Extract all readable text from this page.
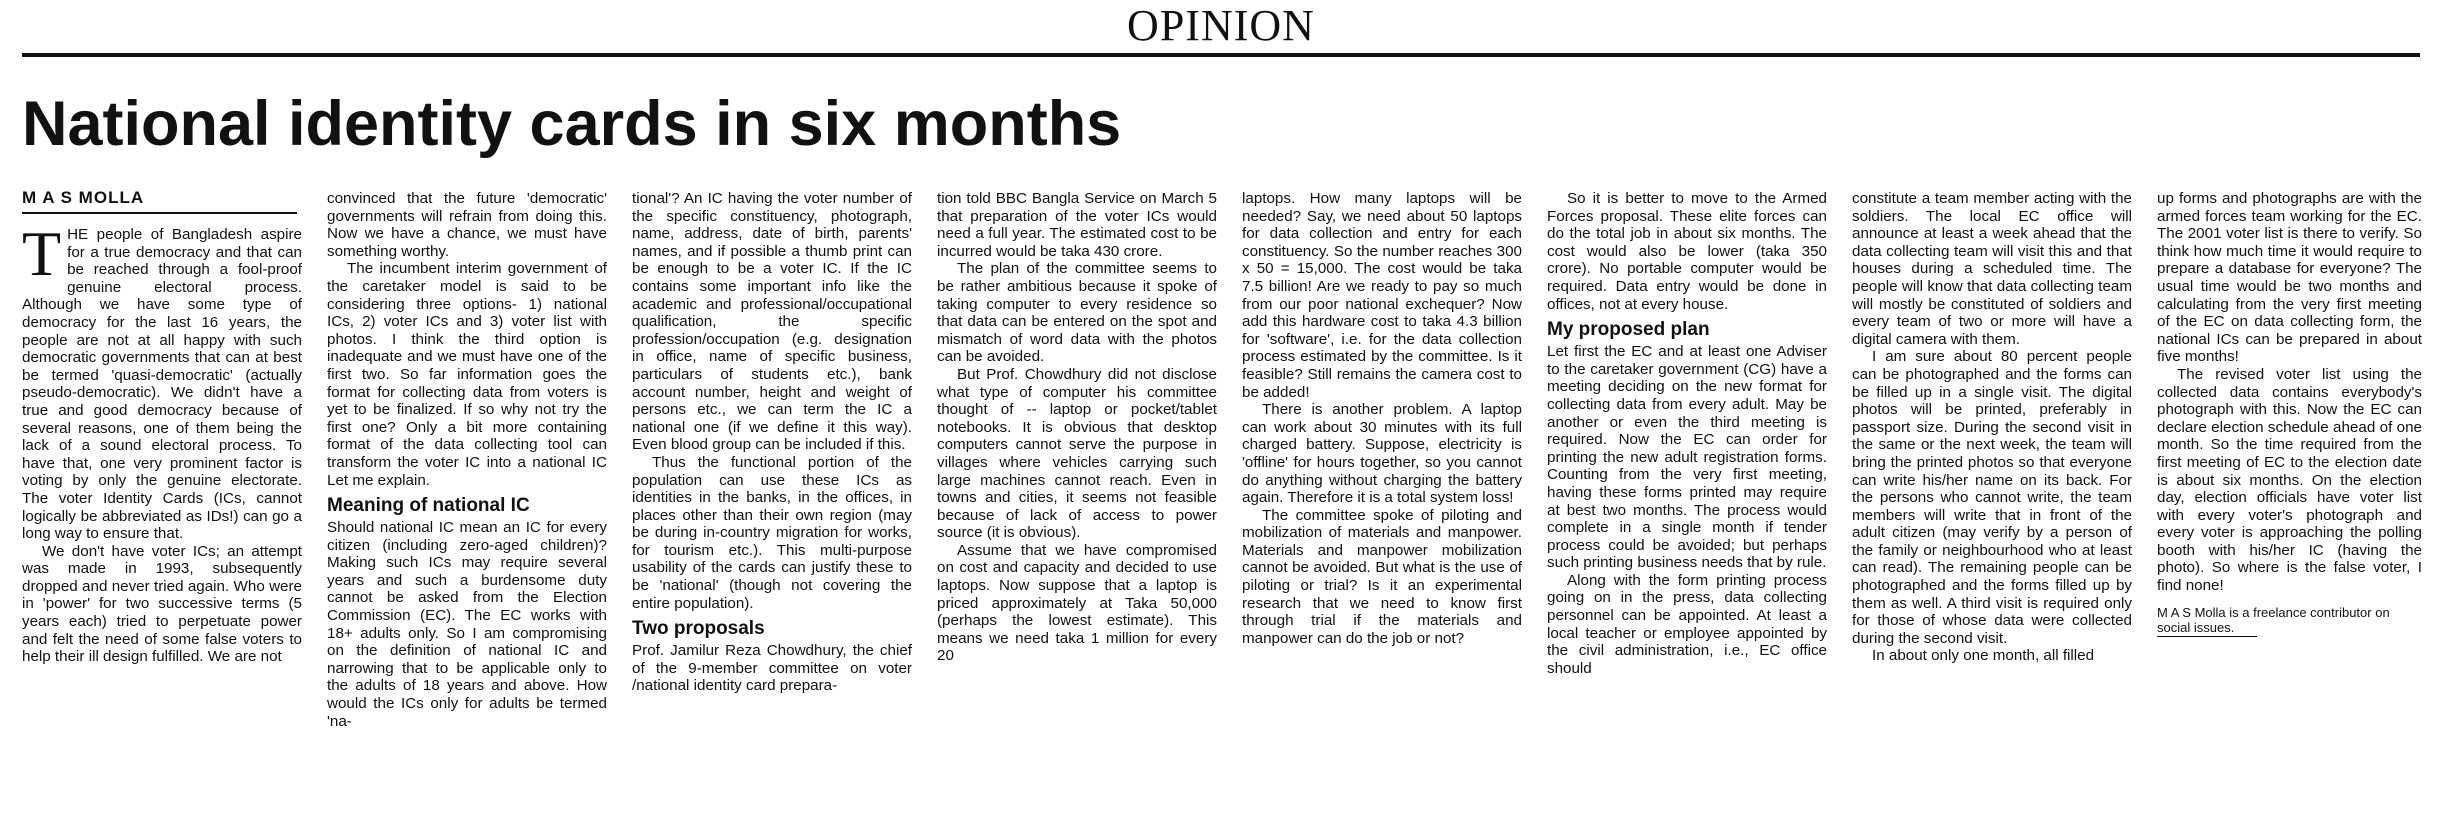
OPINION
National identity cards in six months
M A S MOLLA

THE people of Bangladesh aspire for a true democracy and that can be reached through a fool-proof genuine electoral process. Although we have some type of democracy for the last 16 years, the people are not at all happy with such democratic governments that can at best be termed 'quasi-democratic' (actually pseudo-democratic). We didn't have a true and good democracy because of several reasons, one of them being the lack of a sound electoral process. To have that, one very prominent factor is voting by only the genuine electorate. The voter Identity Cards (ICs, cannot logically be abbreviated as IDs!) can go a long way to ensure that.

We don't have voter ICs; an attempt was made in 1993, subsequently dropped and never tried again. Who were in 'power' for two successive terms (5 years each) tried to perpetuate power and felt the need of some false voters to help their ill design fulfilled. We are not

convinced that the future 'democratic' governments will refrain from doing this. Now we have a chance, we must have something worthy.

The incumbent interim government of the caretaker model is said to be considering three options- 1) national ICs, 2) voter ICs and 3) voter list with photos. I think the third option is inadequate and we must have one of the first two. So far information goes the format for collecting data from voters is yet to be finalized. If so why not try the first one? Only a bit more containing format of the data collecting tool can transform the voter IC into a national IC Let me explain.

Meaning of national IC

Should national IC mean an IC for every citizen (including zero-aged children)? Making such ICs may require several years and such a burdensome duty cannot be asked from the Election Commission (EC). The EC works with 18+ adults only. So I am compromising on the definition of national IC and narrowing that to be applicable only to the adults of 18 years and above. How would the ICs only for adults be termed 'na-

tional'? An IC having the voter number of the specific constituency, photograph, name, address, date of birth, parents' names, and if possible a thumb print can be enough to be a voter IC. If the IC contains some important info like the academic and professional/occupational qualification, the specific profession/occupation (e.g. designation in office, name of specific business, particulars of students etc.), bank account number, height and weight of persons etc., we can term the IC a national one (if we define it this way). Even blood group can be included if this.

Thus the functional portion of the population can use these ICs as identities in the banks, in the offices, in places other than their own region (may be during in-country migration for works, for tourism etc.). This multi-purpose usability of the cards can justify these to be 'national' (though not covering the entire population).

Two proposals

Prof. Jamilur Reza Chowdhury, the chief of the 9-member committee on voter /national identity card prepara-

tion told BBC Bangla Service on March 5 that preparation of the voter ICs would need a full year. The estimated cost to be incurred would be taka 430 crore.

The plan of the committee seems to be rather ambitious because it spoke of taking computer to every residence so that data can be entered on the spot and mismatch of word data with the photos can be avoided.

But Prof. Chowdhury did not disclose what type of computer his committee thought of -- laptop or pocket/tablet notebooks. It is obvious that desktop computers cannot serve the purpose in villages where vehicles carrying such large machines cannot reach. Even in towns and cities, it seems not feasible because of lack of access to power source (it is obvious).

Assume that we have compromised on cost and capacity and decided to use laptops. Now suppose that a laptop is priced approximately at Taka 50,000 (perhaps the lowest estimate). This means we need taka 1 million for every 20

laptops. How many laptops will be needed? Say, we need about 50 laptops for data collection and entry for each constituency. So the number reaches 300 x 50 = 15,000. The cost would be taka 7.5 billion! Are we ready to pay so much from our poor national exchequer? Now add this hardware cost to taka 4.3 billion for 'software', i.e. for the data collection process estimated by the committee. Is it feasible? Still remains the camera cost to be added!

There is another problem. A laptop can work about 30 minutes with its full charged battery. Suppose, electricity is 'offline' for hours together, so you cannot do anything without charging the battery again. Therefore it is a total system loss!

The committee spoke of piloting and mobilization of materials and manpower. Materials and manpower mobilization cannot be avoided. But what is the use of piloting or trial? Is it an experimental research that we need to know first through trial if the materials and manpower can do the job or not?

So it is better to move to the Armed Forces proposal. These elite forces can do the total job in about six months. The cost would also be lower (taka 350 crore). No portable computer would be required. Data entry would be done in offices, not at every house.

My proposed plan

Let first the EC and at least one Adviser to the caretaker government (CG) have a meeting deciding on the new format for collecting data from every adult. May be another or even the third meeting is required. Now the EC can order for printing the new adult registration forms. Counting from the very first meeting, having these forms printed may require at best two months. The process would complete in a single month if tender process could be avoided; but perhaps such printing business needs that by rule.

Along with the form printing process going on in the press, data collecting personnel can be appointed. At least a local teacher or employee appointed by the civil administration, i.e., EC office should

constitute a team member acting with the soldiers. The local EC office will announce at least a week ahead that the data collecting team will visit this and that houses during a scheduled time. The people will know that data collecting team will mostly be constituted of soldiers and every team of two or more will have a digital camera with them.

I am sure about 80 percent people can be photographed and the forms can be filled up in a single visit. The digital photos will be printed, preferably in passport size. During the second visit in the same or the next week, the team will bring the printed photos so that everyone can write his/her name on its back. For the persons who cannot write, the team members will write that in front of the adult citizen (may verify by a person of the family or neighbourhood who at least can read). The remaining people can be photographed and the forms filled up by them as well. A third visit is required only for those of whose data were collected during the second visit.

In about only one month, all filled

up forms and photographs are with the armed forces team working for the EC. The 2001 voter list is there to verify. So think how much time it would require to prepare a database for everyone? The usual time would be two months and calculating from the very first meeting of the EC on data collecting form, the national ICs can be prepared in about five months!

The revised voter list using the collected data contains everybody's photograph with this. Now the EC can declare election schedule ahead of one month. So the time required from the first meeting of EC to the election date is about six months. On the election day, election officials have voter list with every voter's photograph and every voter is approaching the polling booth with his/her IC (having the photo). So where is the false voter, I find none!

M A S Molla is a freelance contributor on social issues.
